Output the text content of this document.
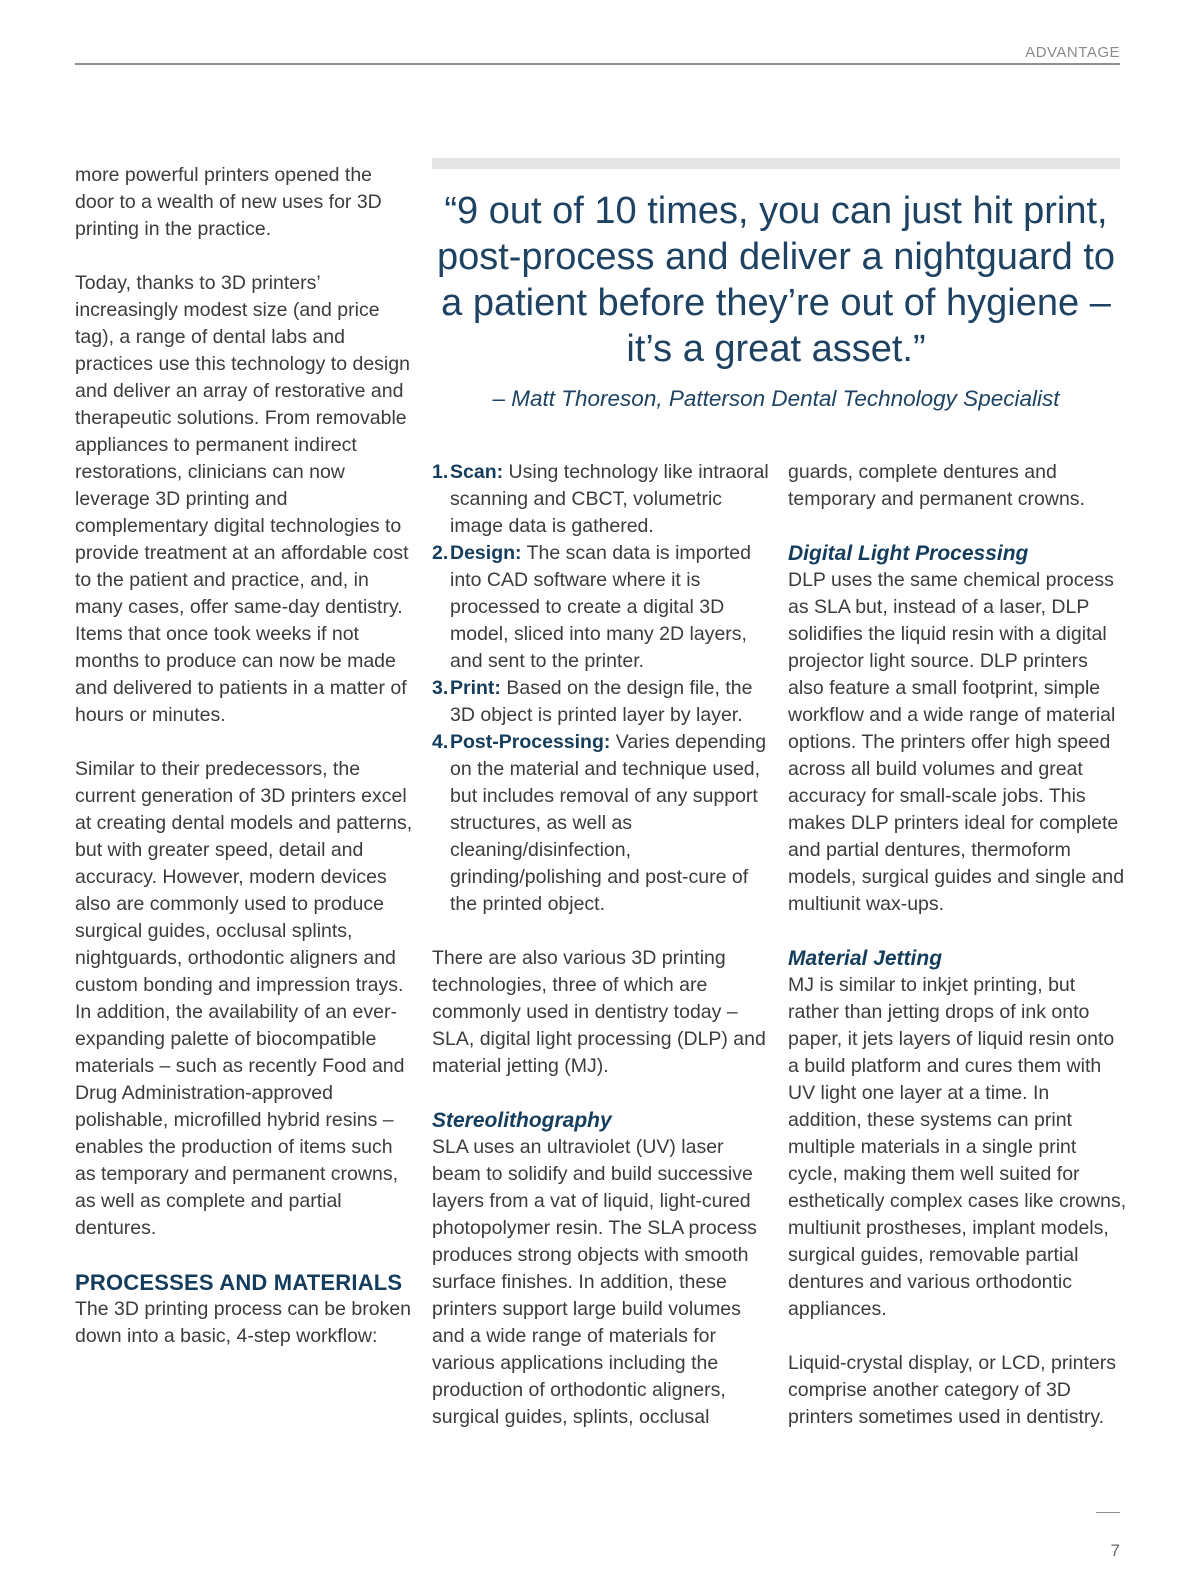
ADVANTAGE

more powerful printers opened the door to a wealth of new uses for 3D printing in the practice.

Today, thanks to 3D printers’ increasingly modest size (and price tag), a range of dental labs and practices use this technology to design and deliver an array of restorative and therapeutic solutions. From removable appliances to permanent indirect restorations, clinicians can now leverage 3D printing and complementary digital technologies to provide treatment at an affordable cost to the patient and practice, and, in many cases, offer same-day dentistry. Items that once took weeks if not months to produce can now be made and delivered to patients in a matter of hours or minutes.

Similar to their predecessors, the current generation of 3D printers excel at creating dental models and patterns, but with greater speed, detail and accuracy. However, modern devices also are commonly used to produce surgical guides, occlusal splints, nightguards, orthodontic aligners and custom bonding and impression trays. In addition, the availability of an ever-expanding palette of biocompatible materials – such as recently Food and Drug Administration-approved polishable, microfilled hybrid resins – enables the production of items such as temporary and permanent crowns, as well as complete and partial dentures.

PROCESSES AND MATERIALS

The 3D printing process can be broken down into a basic, 4-step workflow:

“9 out of 10 times, you can just hit print, post-process and deliver a nightguard to a patient before they’re out of hygiene – it’s a great asset.”
– Matt Thoreson, Patterson Dental Technology Specialist
1. Scan: Using technology like intraoral scanning and CBCT, volumetric image data is gathered.
2. Design: The scan data is imported into CAD software where it is processed to create a digital 3D model, sliced into many 2D layers, and sent to the printer.
3. Print: Based on the design file, the 3D object is printed layer by layer.
4. Post-Processing: Varies depending on the material and technique used, but includes removal of any support structures, as well as cleaning/disinfection, grinding/polishing and post-cure of the printed object.

There are also various 3D printing technologies, three of which are commonly used in dentistry today – SLA, digital light processing (DLP) and material jetting (MJ).

Stereolithography

SLA uses an ultraviolet (UV) laser beam to solidify and build successive layers from a vat of liquid, light-cured photopolymer resin. The SLA process produces strong objects with smooth surface finishes. In addition, these printers support large build volumes and a wide range of materials for various applications including the production of orthodontic aligners, surgical guides, splints, occlusal

guards, complete dentures and temporary and permanent crowns.

Digital Light Processing

DLP uses the same chemical process as SLA but, instead of a laser, DLP solidifies the liquid resin with a digital projector light source. DLP printers also feature a small footprint, simple workflow and a wide range of material options. The printers offer high speed across all build volumes and great accuracy for small-scale jobs. This makes DLP printers ideal for complete and partial dentures, thermoform models, surgical guides and single and multiunit wax-ups.

Material Jetting

MJ is similar to inkjet printing, but rather than jetting drops of ink onto paper, it jets layers of liquid resin onto a build platform and cures them with UV light one layer at a time. In addition, these systems can print multiple materials in a single print cycle, making them well suited for esthetically complex cases like crowns, multiunit prostheses, implant models, surgical guides, removable partial dentures and various orthodontic appliances.

Liquid-crystal display, or LCD, printers comprise another category of 3D printers sometimes used in dentistry.

7
